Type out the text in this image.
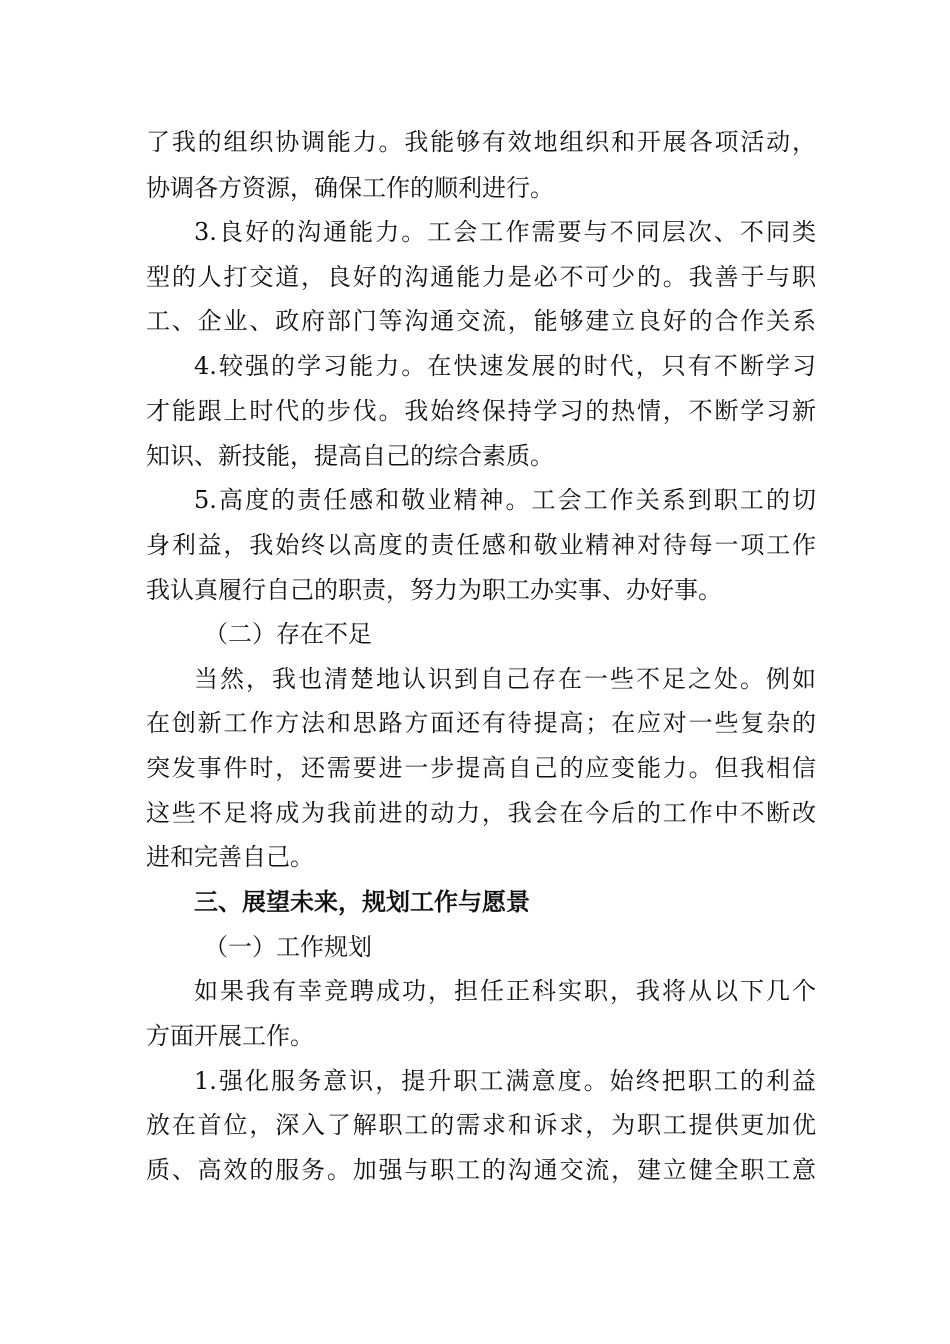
了我的组织协调能力。我能够有效地组织和开展各项活动，
协调各方资源，确保工作的顺利进行。
3.良好的沟通能力。工会工作需要与不同层次、不同类
型的人打交道，良好的沟通能力是必不可少的。我善于与职
工、企业、政府部门等沟通交流，能够建立良好的合作关系
4.较强的学习能力。在快速发展的时代，只有不断学习
才能跟上时代的步伐。我始终保持学习的热情，不断学习新
知识、新技能，提高自己的综合素质。
5.高度的责任感和敬业精神。工会工作关系到职工的切
身利益，我始终以高度的责任感和敬业精神对待每一项工作
我认真履行自己的职责，努力为职工办实事、办好事。
（二）存在不足
当然，我也清楚地认识到自己存在一些不足之处。例如
在创新工作方法和思路方面还有待提高；在应对一些复杂的
突发事件时，还需要进一步提高自己的应变能力。但我相信
这些不足将成为我前进的动力，我会在今后的工作中不断改
进和完善自己。
三、展望未来，规划工作与愿景
（一）工作规划
如果我有幸竞聘成功，担任正科实职，我将从以下几个
方面开展工作。
1.强化服务意识，提升职工满意度。始终把职工的利益
放在首位，深入了解职工的需求和诉求，为职工提供更加优
质、高效的服务。加强与职工的沟通交流，建立健全职工意
